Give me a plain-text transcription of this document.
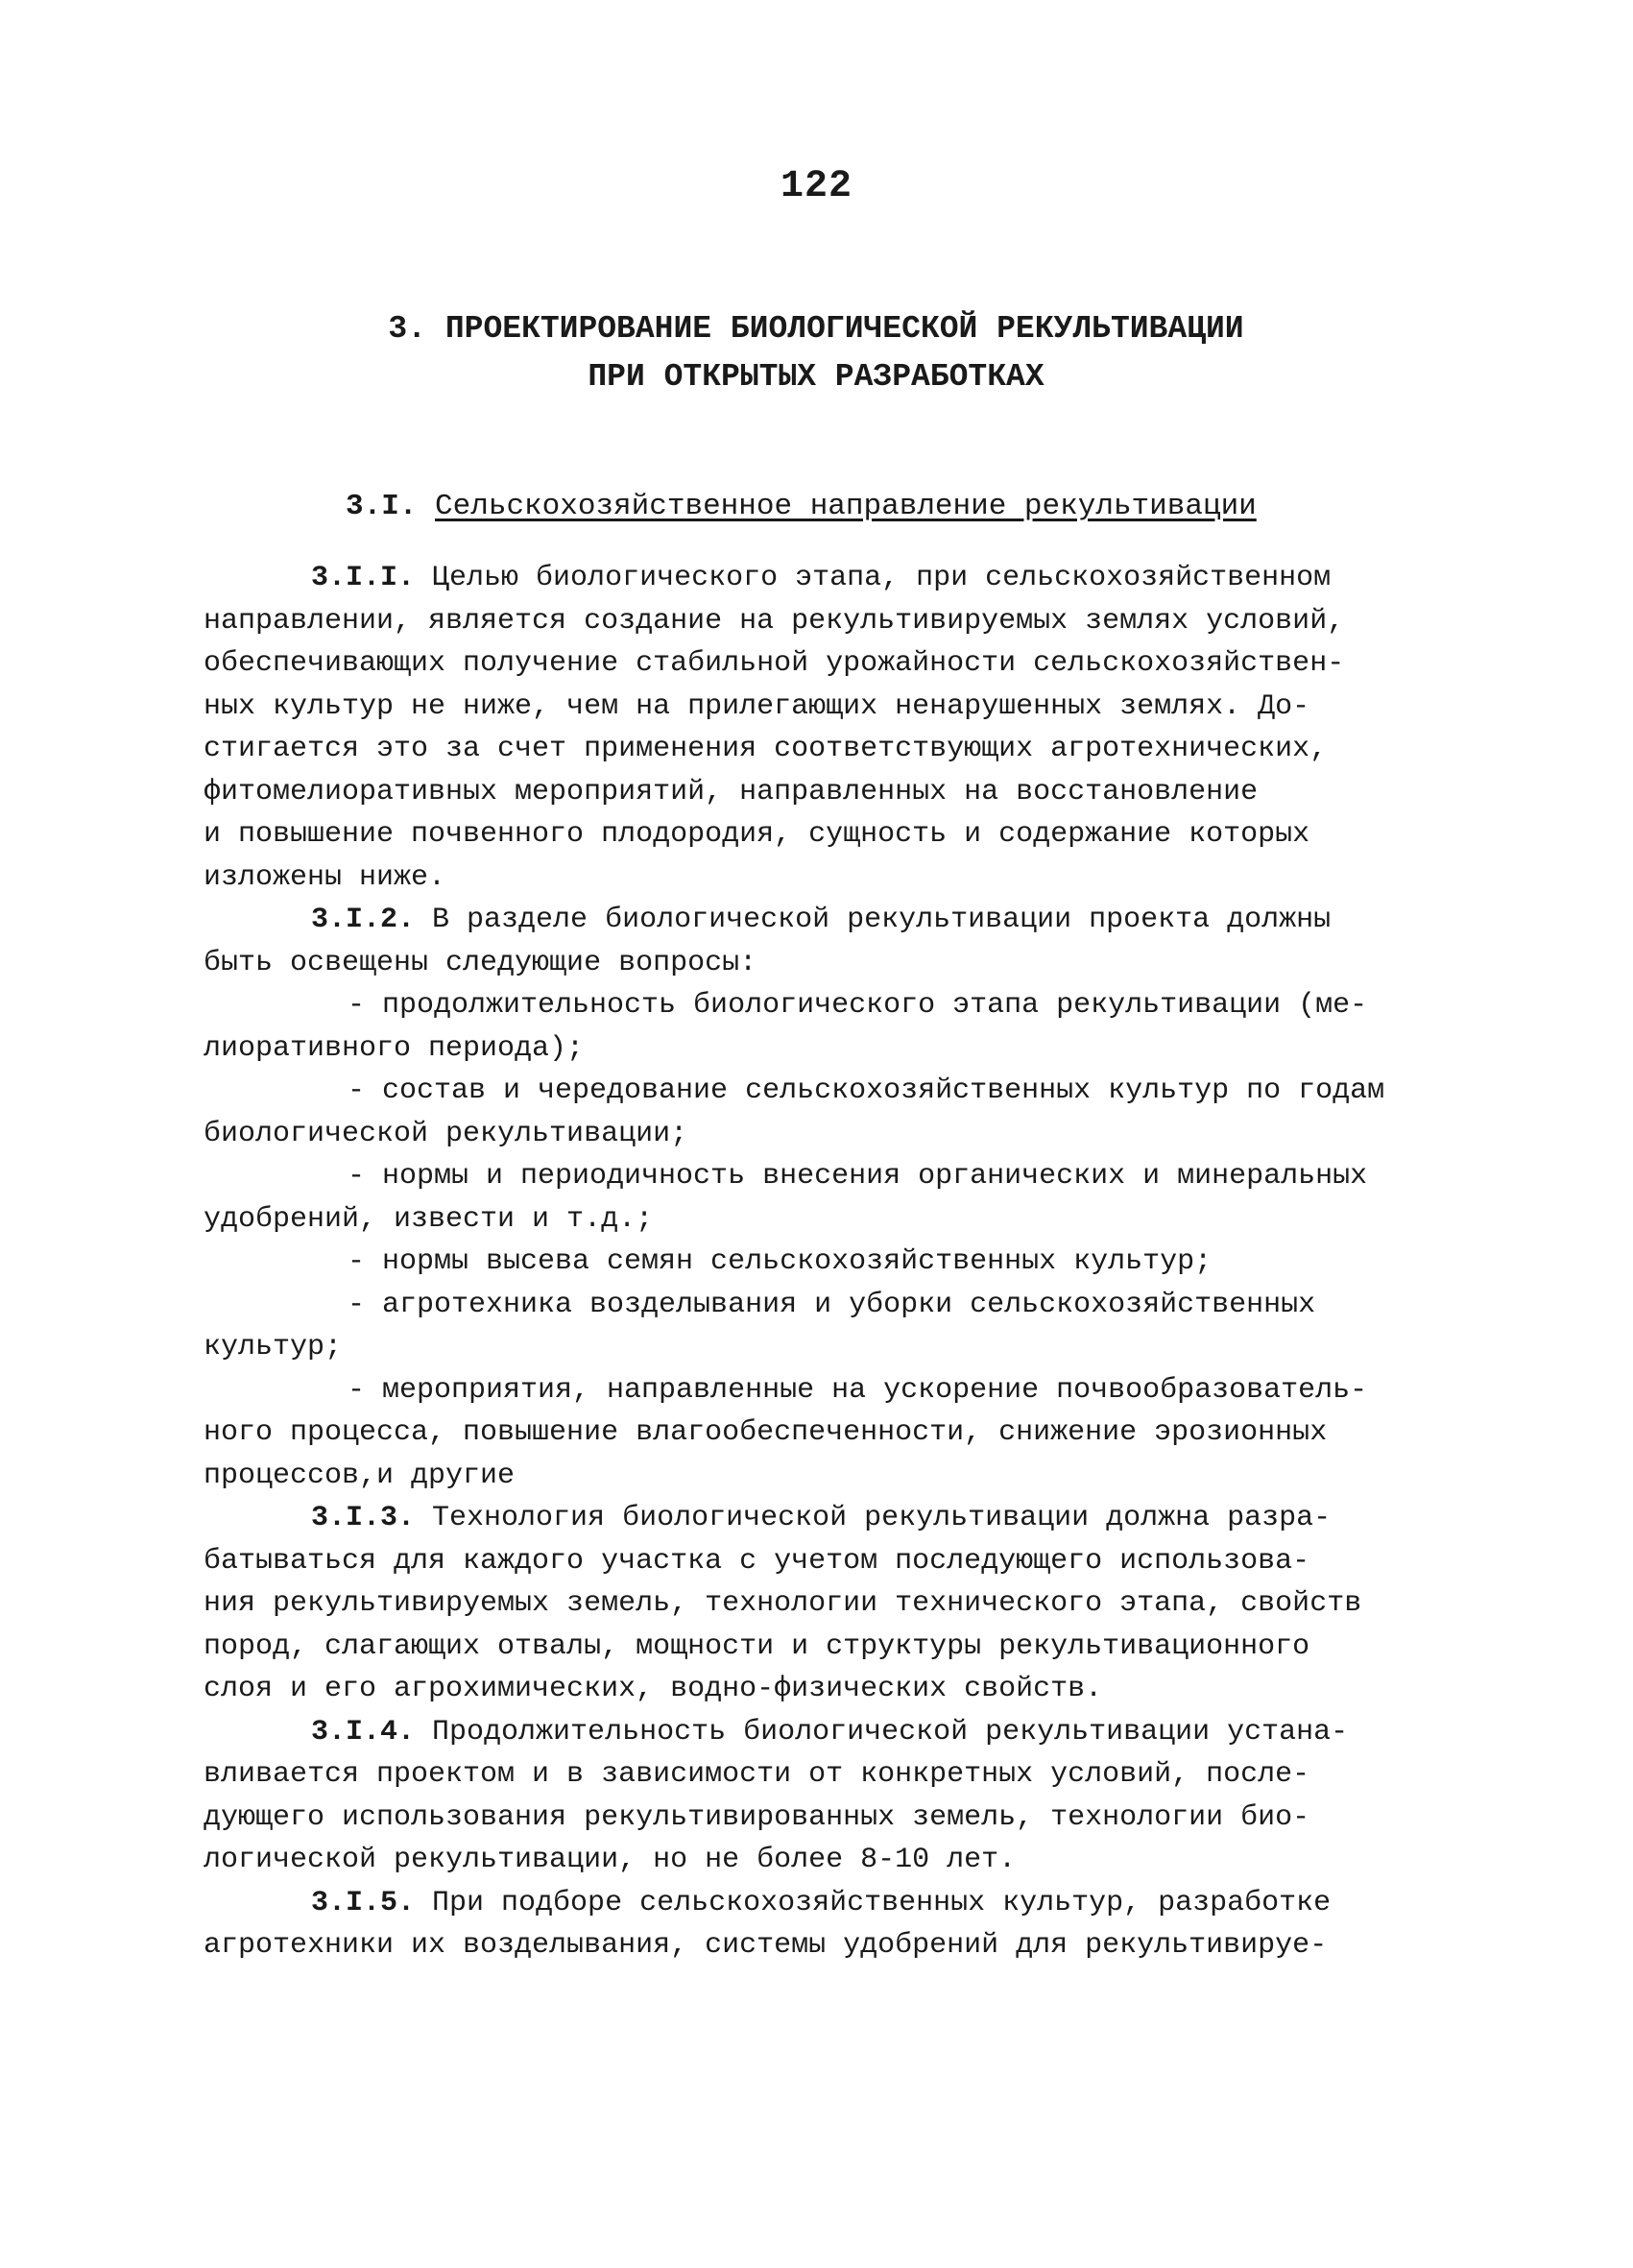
122
3. ПРОЕКТИРОВАНИЕ БИОЛОГИЧЕСКОЙ РЕКУЛЬТИВАЦИИ
ПРИ ОТКРЫТЫХ РАЗРАБОТКАХ
3.I. Сельскохозяйственное направление рекультивации
3.I.I. Целью биологического этапа, при сельскохозяйственном
направлении, является создание на рекультивируемых землях условий,
обеспечивающих получение стабильной урожайности сельскохозяйствен-
ных культур не ниже, чем на прилегающих ненарушенных землях. До-
стигается это за счет применения соответствующих агротехнических,
фитомелиоративных мероприятий, направленных на восстановление
и повышение почвенного плодородия, сущность и содержание которых
изложены ниже.
3.I.2. В разделе биологической рекультивации проекта должны
быть освещены следующие вопросы:
- продолжительность биологического этапа рекультивации (ме-
лиоративного периода);
- состав и чередование сельскохозяйственных культур по годам
биологической рекультивации;
- нормы и периодичность внесения органических и минеральных
удобрений, извести и т.д.;
- нормы высева семян сельскохозяйственных культур;
- агротехника возделывания и уборки сельскохозяйственных
культур;
- мероприятия, направленные на ускорение почвообразователь-
ного процесса, повышение влагообеспеченности, снижение эрозионных
процессов,и другие
3.I.3. Технология биологической рекультивации должна разра-
батываться для каждого участка с учетом последующего использова-
ния рекультивируемых земель, технологии технического этапа, свойств
пород, слагающих отвалы, мощности и структуры рекультивационного
слоя и его агрохимических, водно-физических свойств.
3.I.4. Продолжительность биологической рекультивации устана-
вливается проектом и в зависимости от конкретных условий, после-
дующего использования рекультивированных земель, технологии био-
логической рекультивации, но не более 8-10 лет.
3.I.5. При подборе сельскохозяйственных культур, разработке
агротехники их возделывания, системы удобрений для рекультивируе-
